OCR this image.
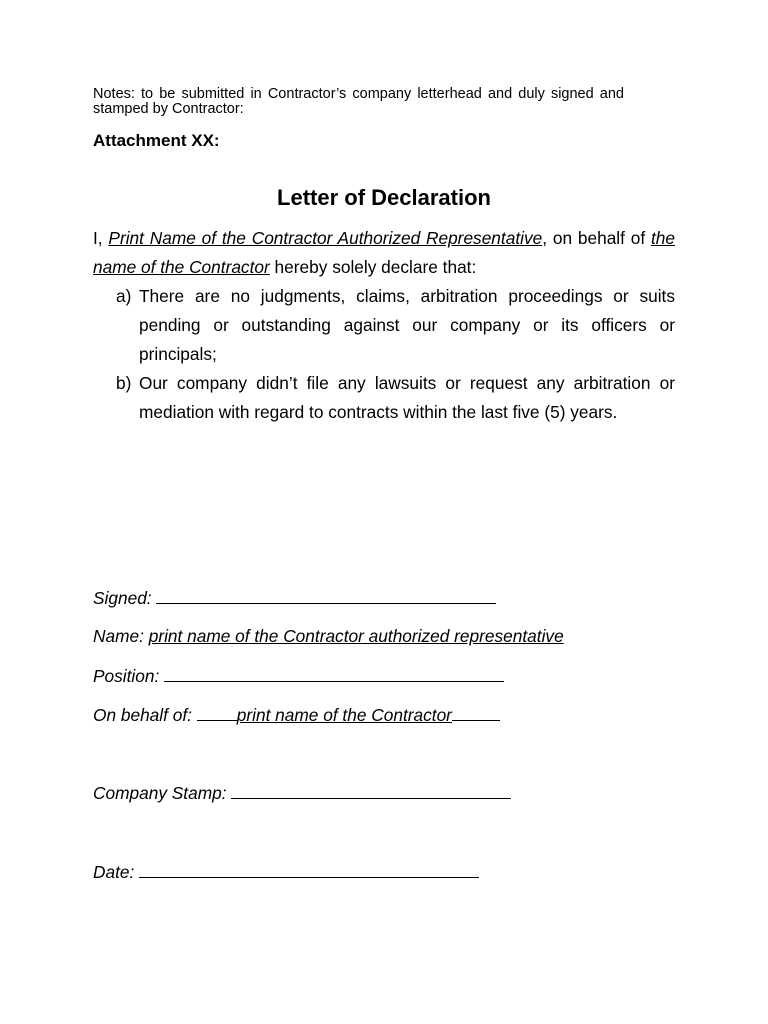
Notes: to be submitted in Contractor’s company letterhead and duly signed and stamped by Contractor:
Attachment XX:
Letter of Declaration
I, Print Name of the Contractor Authorized Representative, on behalf of the name of the Contractor hereby solely declare that:
a) There are no judgments, claims, arbitration proceedings or suits pending or outstanding against our company or its officers or principals;
b) Our company didn’t file any lawsuits or request any arbitration or mediation with regard to contracts within the last five (5) years.
Signed:
Name: print name of the Contractor authorized representative
Position:
On behalf of: print name of the Contractor
Company Stamp:
Date:
